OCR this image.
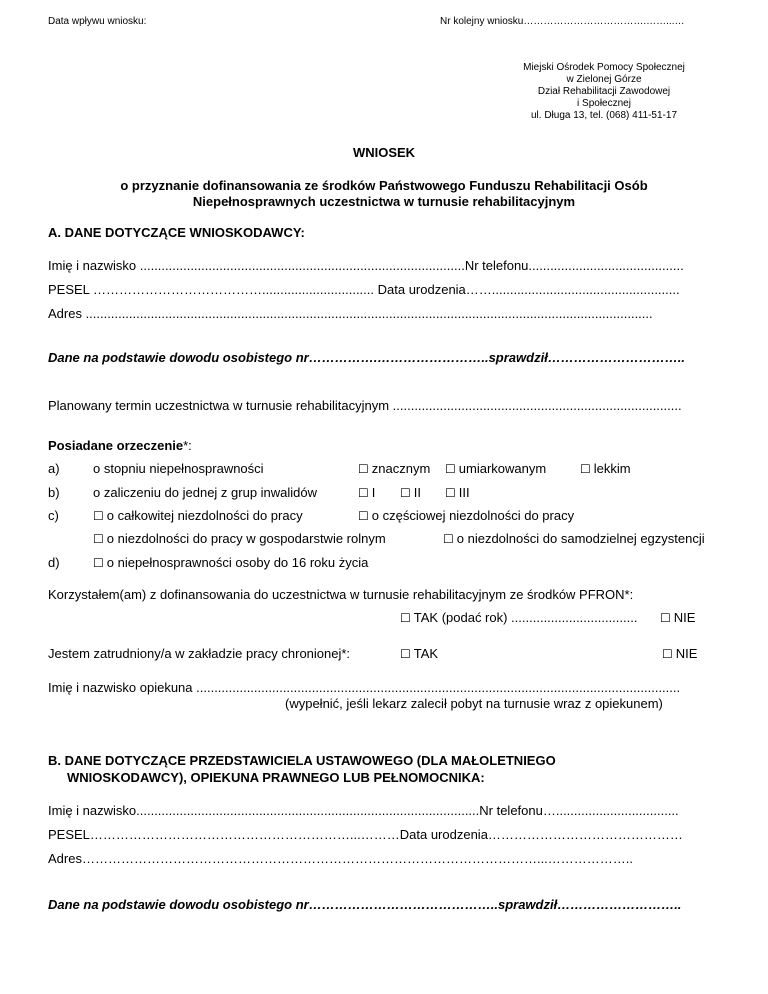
Data wpływu wniosku:	Nr kolejny wniosku……………………………….……...…
Miejski Ośrodek Pomocy Społecznej
w Zielonej Górze
Dział Rehabilitacji Zawodowej
i Społecznej
ul. Długa 13, tel. (068) 411-51-17
WNIOSEK
o przyznanie dofinansowania ze środków Państwowego Funduszu Rehabilitacji Osób
Niepełnosprawnych uczestnictwa w turnusie rehabilitacyjnym
A. DANE DOTYCZĄCE WNIOSKODAWCY:
Imię i nazwisko ..........................................................................................Nr telefonu...........................................
PESEL …………………………………............................... Data urodzenia……....................................................
Adres .............................................................................................................................................................
Dane na podstawie dowodu osobistego nr…………….……………………..sprawdził…………………………..
Planowany termin uczestnictwa w turnusie rehabilitacyjnym ................................................................................
Posiadane orzeczenie*:
a)	o stopniu niepełnosprawności	☐ znacznym ☐ umiarkowanym	☐ lekkim
b)	o zaliczeniu do jednej z grup inwalidów	☐ I ☐ II ☐ III
c)	☐ o całkowitej niezdolności do pracy	☐ o częściowej niezdolności do pracy
☐ o niezdolności do pracy w gospodarstwie rolnym	☐ o niezdolności do samodzielnej egzystencji
d)	☐ o niepełnosprawności osoby do 16 roku życia
Korzystałem(am) z dofinansowania do uczestnictwa w turnusie rehabilitacyjnym ze środków PFRON*:
☐ TAK (podać rok) ................................... ☐ NIE
Jestem zatrudniony/a w zakładzie pracy chronionej*:	☐ TAK	☐ NIE
Imię i nazwisko opiekuna ......................................................................................................................................
(wypełnić, jeśli lekarz zalecił pobyt na turnusie wraz z opiekunem)
B. DANE DOTYCZĄCE PRZEDSTAWICIELA USTAWOWEGO (DLA MAŁOLETNIEGO
WNIOSKODAWCY), OPIEKUNA PRAWNEGO LUB PEŁNOMOCNIKA:
Imię i nazwisko...............................................................................................Nr telefonu…..................................
PESEL……………………………………………………...………Data urodzenia………………………………………
Adres……………………………………………………………………………………………...………………..
Dane na podstawie dowodu osobistego nr……………………………………..sprawdził………………………..
